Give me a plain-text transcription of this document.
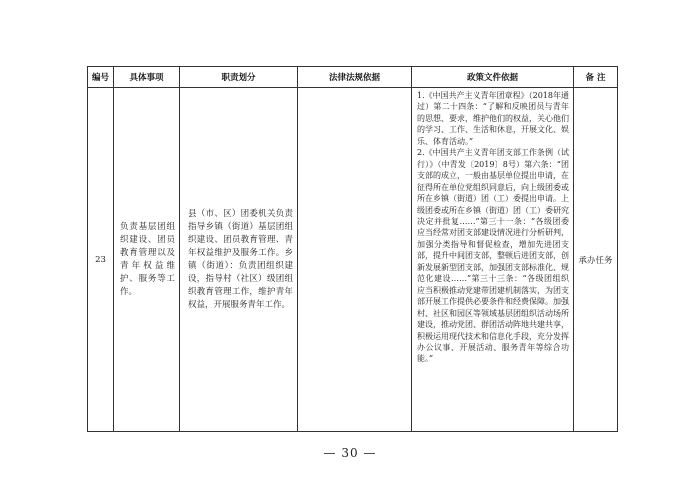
编号	具体事项	职责划分	法律法规依据	政策文件依据	备 注
23	负责基层团组织建设、团员教育管理以及青年权益维护、服务等工作。	县（市、区）团委机关负责指导乡镇（街道）基层团组织建设、团员教育管理、青年权益维护及服务工作。乡镇（街道）：负责团组织建设，指导村（社区）级团组织教育管理工作，维护青年权益，开展服务青年工作。		1.《中国共产主义青年团章程》（2018年通过）第二十四条：“了解和反映团员与青年的思想、要求，维护他们的权益，关心他们的学习、工作、生活和休息，开展文化、娱乐、体育活动。”

2.《中国共产主义青年团支部工作条例（试行）》（中青发〔2019〕8号）第六条：“团支部的成立，一般由基层单位提出申请，在征得所在单位党组织同意后，向上级团委或所在乡镇（街道）团（工）委提出申请。上级团委或所在乡镇（街道）团（工）委研究决定并批复……”第三十一条：“各级团委应当经常对团支部建设情况进行分析研判，加强分类指导和督促检查，增加先进团支部，提升中间团支部，整顿后进团支部，创新发展新型团支部，加强团支部标准化、规范化建设……”第三十三条：“各级团组织应当积极推动党建带团建机制落实，为团支部开展工作提供必要条件和经费保障。加强村、社区和园区等领域基层团组织活动场所建设，推动党团、群团活动阵地共建共享，积极运用现代技术和信息化手段，充分发挥办公议事、开展活动、服务青年等综合功能。”	承办任务
— 30 —
